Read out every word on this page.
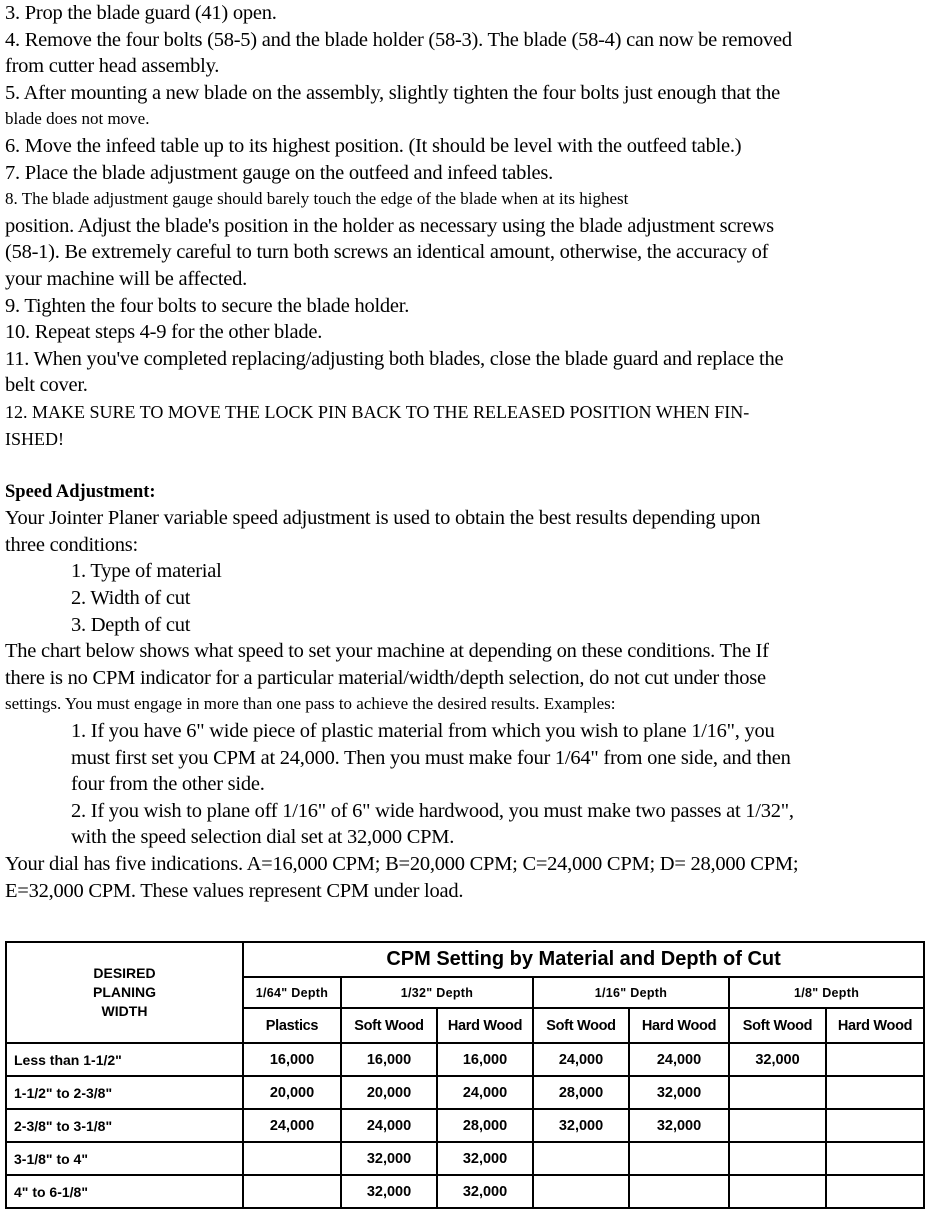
3. Prop the blade guard (41) open.
4. Remove the four bolts (58-5) and the blade holder (58-3). The blade (58-4) can now be removed
from cutter head assembly.
5. After mounting a new blade on the assembly, slightly tighten the four bolts just enough that the
blade does not move.
6. Move the infeed table up to its highest position. (It should be level with the outfeed table.)
7. Place the blade adjustment gauge on the outfeed and infeed tables.
8. The blade adjustment gauge should barely touch the edge of the blade when at its highest
position. Adjust the blade's position in the holder as necessary using the blade adjustment screws
(58-1). Be extremely careful to turn both screws an identical amount, otherwise, the accuracy of
your machine will be affected.
9. Tighten the four bolts to secure the blade holder.
10. Repeat steps 4-9 for the other blade.
11. When you've completed replacing/adjusting both blades, close the blade guard and replace the
belt cover.
12. MAKE SURE TO MOVE THE LOCK PIN BACK TO THE RELEASED POSITION WHEN FIN-
ISHED!
Speed Adjustment:
Your Jointer Planer variable speed adjustment is used to obtain the best results depending upon
three conditions:
1. Type of material
2. Width of cut
3. Depth of cut
The chart below shows what speed to set your machine at depending on these conditions. The If
there is no CPM indicator for a particular material/width/depth selection, do not cut under those
settings. You must engage in more than one pass to achieve the desired results. Examples:
1. If you have 6" wide piece of plastic material from which you wish to plane 1/16", you
must first set you CPM at 24,000. Then you must make four 1/64" from one side, and then
four from the other side.
2. If you wish to plane off 1/16" of 6" wide hardwood, you must make two passes at 1/32",
with the speed selection dial set at 32,000 CPM.
Your dial has five indications. A=16,000 CPM; B=20,000 CPM; C=24,000 CPM; D= 28,000 CPM;
E=32,000 CPM. These values represent CPM under load.
DESIRED
PLANING
WIDTH	CPM Setting by Material and Depth of Cut						
	1/64" Depth	1/32" Depth		1/16" Depth		1/8" Depth	
	Plastics	Soft Wood	Hard Wood	Soft Wood	Hard Wood	Soft Wood	Hard Wood
Less than 1-1/2"	16,000	16,000	16,000	24,000	24,000	32,000	
1-1/2" to 2-3/8"	20,000	20,000	24,000	28,000	32,000		
2-3/8" to 3-1/8"	24,000	24,000	28,000	32,000	32,000		
3-1/8" to 4"		32,000	32,000				
4" to 6-1/8"		32,000	32,000				
